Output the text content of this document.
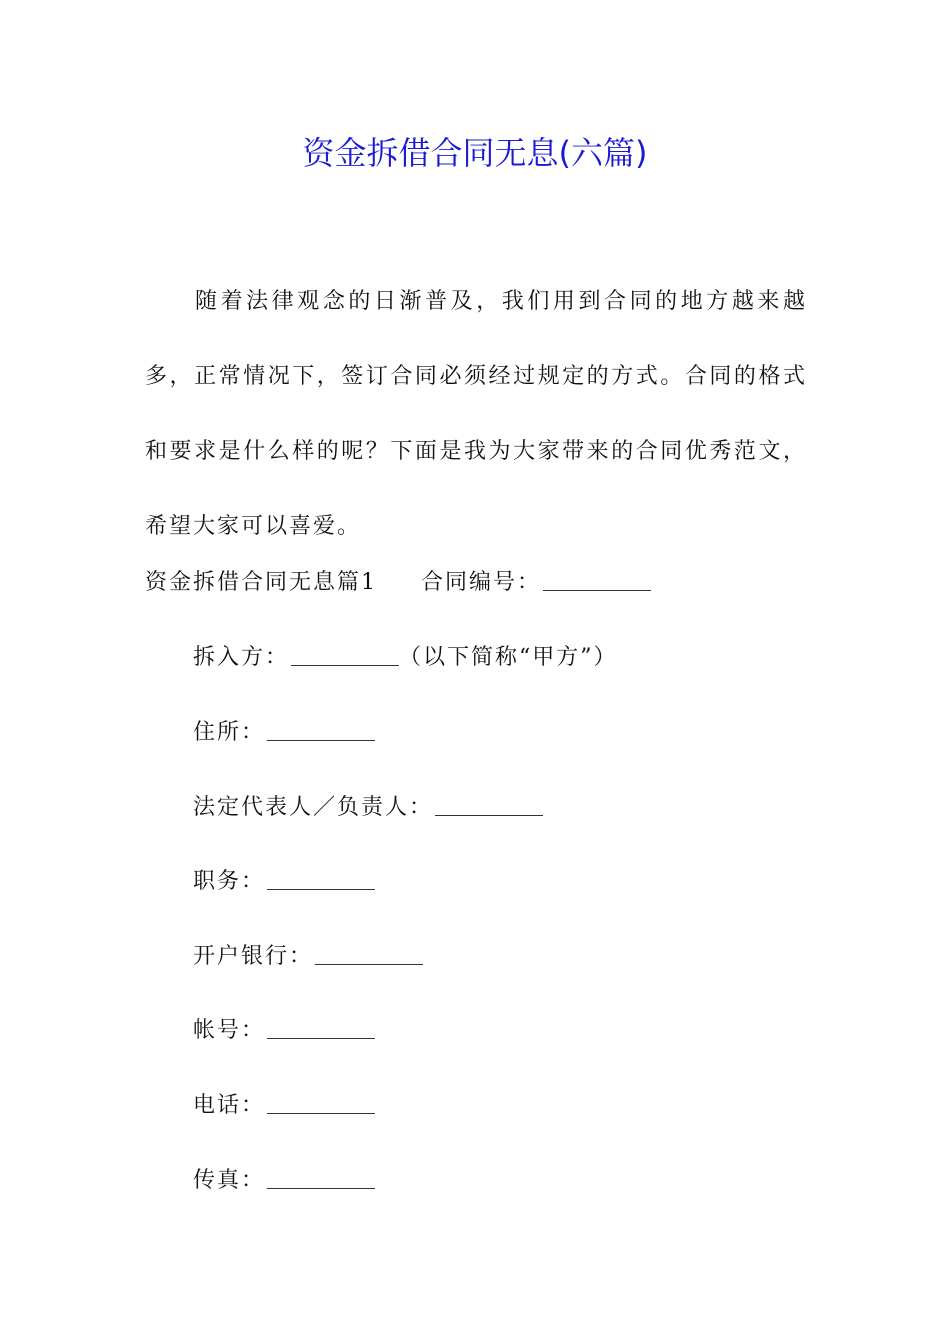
资金拆借合同无息(六篇)

随着法律观念的日渐普及，我们用到合同的地方越来越多，正常情况下，签订合同必须经过规定的方式。合同的格式和要求是什么样的呢？下面是我为大家带来的合同优秀范文，希望大家可以喜爱。

资金拆借合同无息篇1 合同编号：
拆入方：	（以下简称“甲方”）
住所：
法定代表人／负责人：
职务：
开户银行：
帐号：
电话：
传真：
